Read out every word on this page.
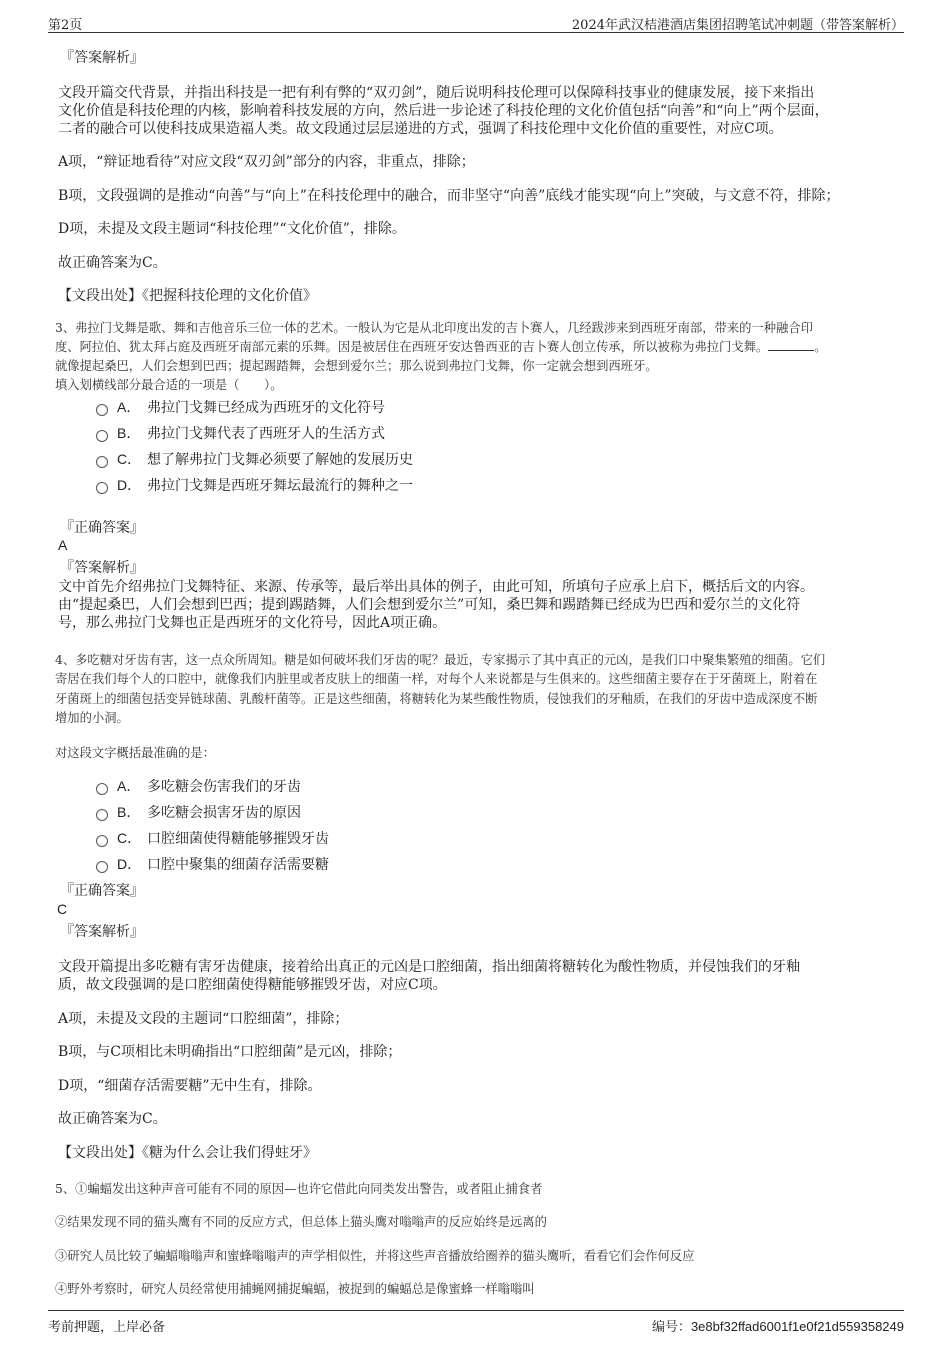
第2页	2024年武汉桔港酒店集团招聘笔试冲刺题（带答案解析）
『答案解析』
文段开篇交代背景，并指出科技是一把有利有弊的“双刃剑”，随后说明科技伦理可以保障科技事业的健康发展，接下来指出
文化价值是科技伦理的内核，影响着科技发展的方向，然后进一步论述了科技伦理的文化价值包括“向善”和“向上”两个层面，
二者的融合可以使科技成果造福人类。故文段通过层层递进的方式，强调了科技伦理中文化价值的重要性，对应C项。
A项，“辩证地看待”对应文段“双刃剑”部分的内容，非重点，排除；
B项，文段强调的是推动“向善”与“向上”在科技伦理中的融合，而非坚守“向善”底线才能实现“向上”突破，与文意不符，排除；
D项，未提及文段主题词“科技伦理”“文化价值”，排除。
故正确答案为C。
【文段出处】《把握科技伦理的文化价值》
3、弗拉门戈舞是歌、舞和吉他音乐三位一体的艺术。一般认为它是从北印度出发的吉卜赛人，几经跋涉来到西班牙南部，带来的一种融合印
度、阿拉伯、犹太拜占庭及西班牙南部元素的乐舞。因是被居住在西班牙安达鲁西亚的吉卜赛人创立传承，所以被称为弗拉门戈舞。	。
就像提起桑巴，人们会想到巴西；提起踢踏舞，会想到爱尔兰；那么说到弗拉门戈舞，你一定就会想到西班牙。
填入划横线部分最合适的一项是（　　）。
A． 弗拉门戈舞已经成为西班牙的文化符号
B． 弗拉门戈舞代表了西班牙人的生活方式
C． 想了解弗拉门戈舞必须要了解她的发展历史
D． 弗拉门戈舞是西班牙舞坛最流行的舞种之一
『正确答案』
A
『答案解析』
文中首先介绍弗拉门戈舞特征、来源、传承等，最后举出具体的例子，由此可知，所填句子应承上启下，概括后文的内容。
由“提起桑巴，人们会想到巴西；提到踢踏舞，人们会想到爱尔兰”可知，桑巴舞和踢踏舞已经成为巴西和爱尔兰的文化符
号，那么弗拉门戈舞也正是西班牙的文化符号，因此A项正确。
4、多吃糖对牙齿有害，这一点众所周知。糖是如何破坏我们牙齿的呢？最近，专家揭示了其中真正的元凶，是我们口中聚集繁殖的细菌。它们
寄居在我们每个人的口腔中，就像我们内脏里或者皮肤上的细菌一样，对每个人来说都是与生俱来的。这些细菌主要存在于牙菌斑上，附着在
牙菌斑上的细菌包括变异链球菌、乳酸杆菌等。正是这些细菌，将糖转化为某些酸性物质，侵蚀我们的牙釉质，在我们的牙齿中造成深度不断
增加的小洞。
对这段文字概括最准确的是：
A． 多吃糖会伤害我们的牙齿
B． 多吃糖会损害牙齿的原因
C． 口腔细菌使得糖能够摧毁牙齿
D． 口腔中聚集的细菌存活需要糖
『正确答案』
C
『答案解析』
文段开篇提出多吃糖有害牙齿健康，接着给出真正的元凶是口腔细菌，指出细菌将糖转化为酸性物质，并侵蚀我们的牙釉
质，故文段强调的是口腔细菌使得糖能够摧毁牙齿，对应C项。
A项，未提及文段的主题词“口腔细菌”，排除；
B项，与C项相比未明确指出“口腔细菌”是元凶，排除；
D项，“细菌存活需要糖”无中生有，排除。
故正确答案为C。
【文段出处】《糖为什么会让我们得蛀牙》
5、①蝙蝠发出这种声音可能有不同的原因—也许它借此向同类发出警告，或者阻止捕食者
②结果发现不同的猫头鹰有不同的反应方式，但总体上猫头鹰对嗡嗡声的反应始终是远离的
③研究人员比较了蝙蝠嗡嗡声和蜜蜂嗡嗡声的声学相似性，并将这些声音播放给圈养的猫头鹰听，看看它们会作何反应
④野外考察时，研究人员经常使用捕蝇网捕捉蝙蝠，被捉到的蝙蝠总是像蜜蜂一样嗡嗡叫
考前押题，上岸必备	编号：3e8bf32ffad6001f1e0f21d559358249
